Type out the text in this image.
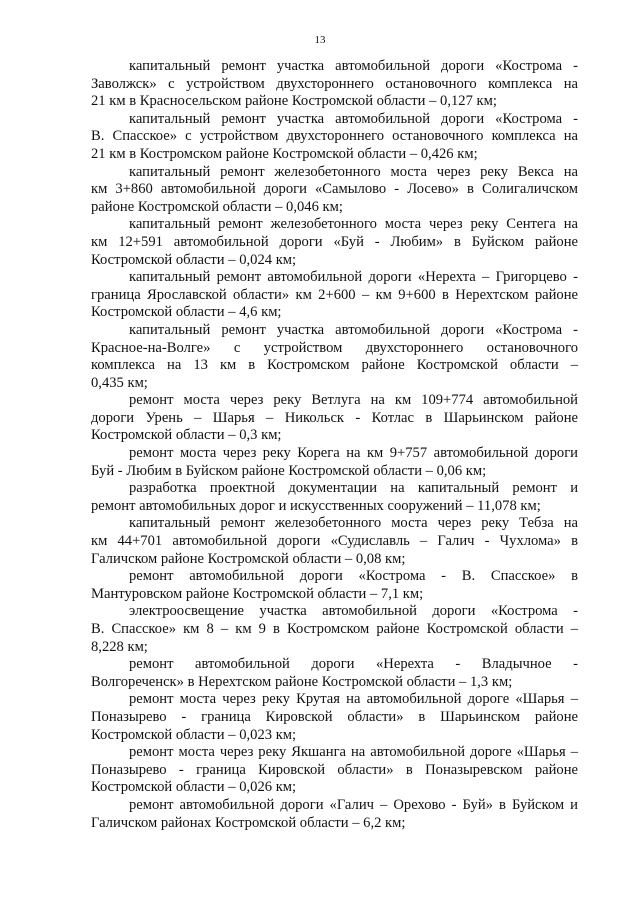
13

капитальный ремонт участка автомобильной дороги «Кострома -
Заволжск» с устройством двухстороннего остановочного комплекса на
21 км в Красносельском районе Костромской области – 0,127 км;

капитальный ремонт участка автомобильной дороги «Кострома -
В. Спасское» с устройством двухстороннего остановочного комплекса на
21 км в Костромском районе Костромской области – 0,426 км;

капитальный ремонт железобетонного моста через реку Векса на
км 3+860 автомобильной дороги «Самылово - Лосево» в Солигаличском
районе Костромской области – 0,046 км;

капитальный ремонт железобетонного моста через реку Сентега на
км 12+591 автомобильной дороги «Буй - Любим» в Буйском районе
Костромской области – 0,024 км;

капитальный ремонт автомобильной дороги «Нерехта – Григорцево -
граница Ярославской области» км 2+600 – км 9+600 в Нерехтском районе
Костромской области – 4,6 км;

капитальный ремонт участка автомобильной дороги «Кострома -
Красное-на-Волге» с устройством двухстороннего остановочного
комплекса на 13 км в Костромском районе Костромской области –
0,435 км;

ремонт моста через реку Ветлуга на км 109+774 автомобильной
дороги Урень – Шарья – Никольск - Котлас в Шарьинском районе
Костромской области – 0,3 км;

ремонт моста через реку Корега на км 9+757 автомобильной дороги
Буй - Любим в Буйском районе Костромской области – 0,06 км;

разработка проектной документации на капитальный ремонт и
ремонт автомобильных дорог и искусственных сооружений – 11,078 км;

капитальный ремонт железобетонного моста через реку Тебза на
км 44+701 автомобильной дороги «Судиславль – Галич - Чухлома» в
Галичском районе Костромской области – 0,08 км;

ремонт автомобильной дороги «Кострома - В. Спасское» в
Мантуровском районе Костромской области – 7,1 км;

электроосвещение участка автомобильной дороги «Кострома -
В. Спасское» км 8 – км 9 в Костромском районе Костромской области –
8,228 км;

ремонт автомобильной дороги «Нерехта - Владычное -
Волгореченск» в Нерехтском районе Костромской области – 1,3 км;

ремонт моста через реку Крутая на автомобильной дороге «Шарья –
Поназырево - граница Кировской области» в Шарьинском районе
Костромской области – 0,023 км;

ремонт моста через реку Якшанга на автомобильной дороге «Шарья –
Поназырево - граница Кировской области» в Поназыревском районе
Костромской области – 0,026 км;

ремонт автомобильной дороги «Галич – Орехово - Буй» в Буйском и
Галичском районах Костромской области – 6,2 км;
